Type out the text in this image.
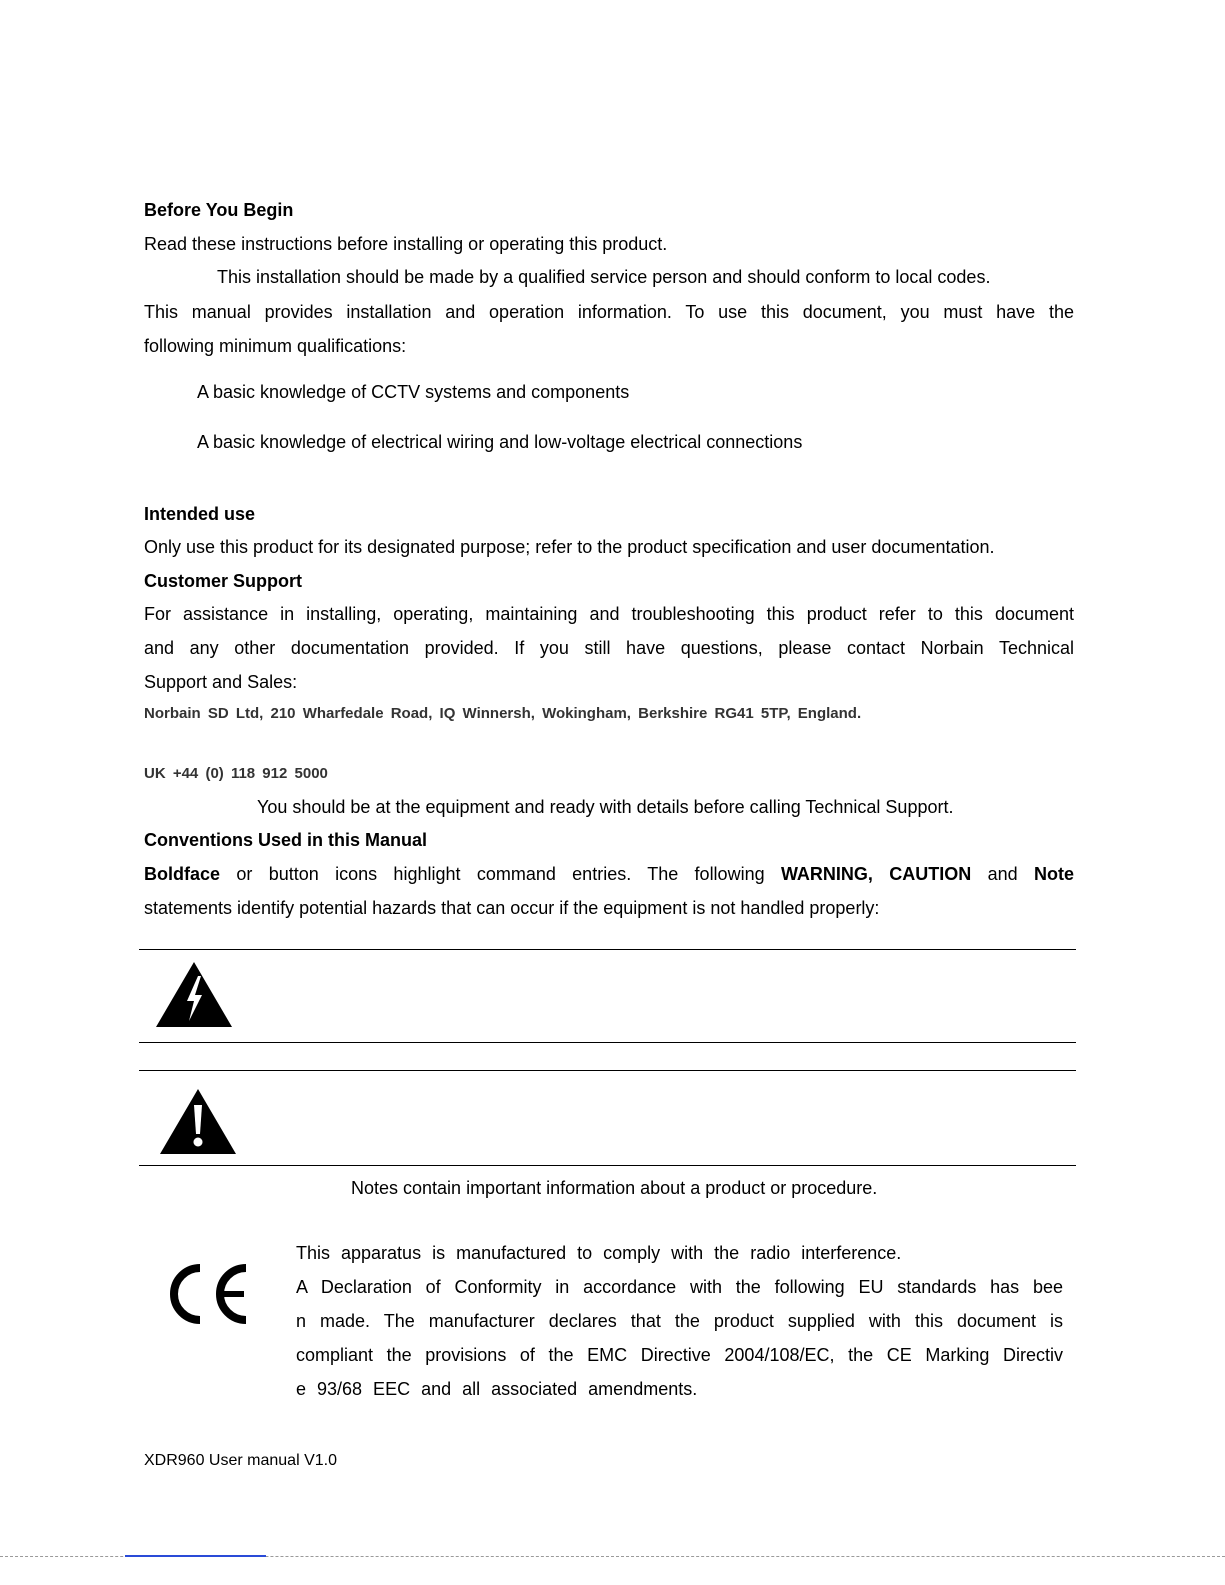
Before You Begin
Read these instructions before installing or operating this product.
This installation should be made by a qualified service person and should conform to local codes.
This manual provides installation and operation information. To use this document, you must have the
following minimum qualifications:
A basic knowledge of CCTV systems and components
A basic knowledge of electrical wiring and low-voltage electrical connections
Intended use
Only use this product for its designated purpose; refer to the product specification and user documentation.
Customer Support
For assistance in installing, operating, maintaining and troubleshooting this product refer to this document
and any other documentation provided. If you still have questions, please contact Norbain Technical
Support and Sales:
Norbain SD Ltd, 210 Wharfedale Road, IQ Winnersh, Wokingham, Berkshire RG41 5TP, England.
UK +44 (0) 118 912 5000
You should be at the equipment and ready with details before calling Technical Support.
Conventions Used in this Manual
Boldface or button icons highlight command entries. The following WARNING, CAUTION and Note
statements identify potential hazards that can occur if the equipment is not handled properly:
Notes contain important information about a product or procedure.
This apparatus is manufactured to comply with the radio interference.
A Declaration of Conformity in accordance with the following EU standards has bee
n made. The manufacturer declares that the product supplied with this document is
compliant the provisions of the EMC Directive 2004/108/EC, the CE Marking Directiv
e 93/68 EEC and all associated amendments.
XDR960 User manual V1.0
